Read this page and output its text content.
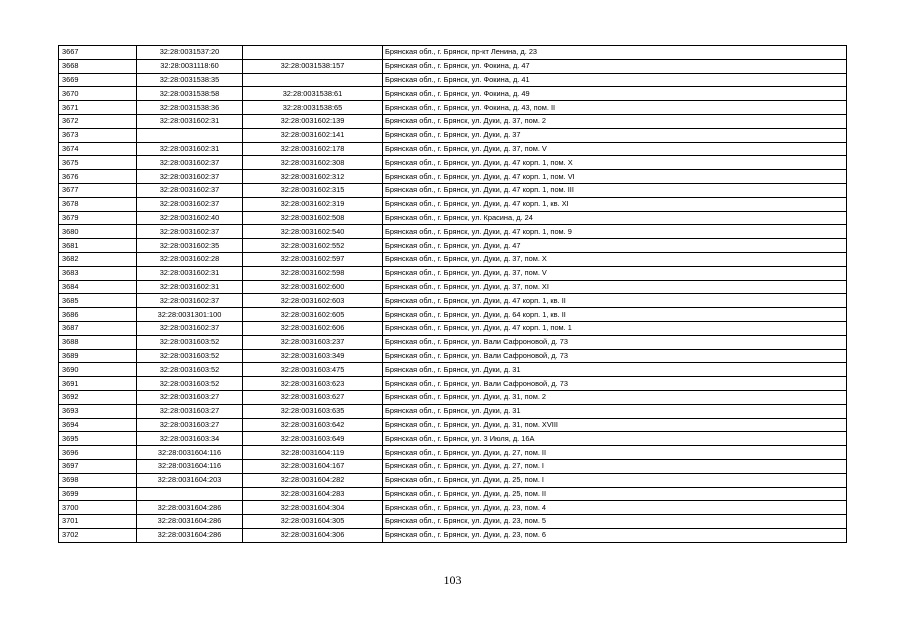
3667	32:28:0031537:20		Брянская обл., г. Брянск, пр-кт Ленина, д. 23
3668	32:28:0031118:60	32:28:0031538:157	Брянская обл., г. Брянск, ул. Фокина, д. 47
3669	32:28:0031538:35		Брянская обл., г. Брянск, ул. Фокина, д. 41
3670	32:28:0031538:58	32:28:0031538:61	Брянская обл., г. Брянск, ул. Фокина, д. 49
3671	32:28:0031538:36	32:28:0031538:65	Брянская обл., г. Брянск, ул. Фокина, д. 43, пом. II
3672	32:28:0031602:31	32:28:0031602:139	Брянская обл., г. Брянск, ул. Дуки, д. 37, пом. 2
3673		32:28:0031602:141	Брянская обл., г. Брянск, ул. Дуки, д. 37
3674	32:28:0031602:31	32:28:0031602:178	Брянская обл., г. Брянск, ул. Дуки, д. 37, пом. V
3675	32:28:0031602:37	32:28:0031602:308	Брянская обл., г. Брянск, ул. Дуки, д. 47 корп. 1, пом. X
3676	32:28:0031602:37	32:28:0031602:312	Брянская обл., г. Брянск, ул. Дуки, д. 47 корп. 1, пом. VI
3677	32:28:0031602:37	32:28:0031602:315	Брянская обл., г. Брянск, ул. Дуки, д. 47 корп. 1, пом. III
3678	32:28:0031602:37	32:28:0031602:319	Брянская обл., г. Брянск, ул. Дуки, д. 47 корп. 1, кв. XI
3679	32:28:0031602:40	32:28:0031602:508	Брянская обл., г. Брянск, ул. Красина, д. 24
3680	32:28:0031602:37	32:28:0031602:540	Брянская обл., г. Брянск, ул. Дуки, д. 47 корп. 1, пом. 9
3681	32:28:0031602:35	32:28:0031602:552	Брянская обл., г. Брянск, ул. Дуки, д. 47
3682	32:28:0031602:28	32:28:0031602:597	Брянская обл., г. Брянск, ул. Дуки, д. 37, пом. X
3683	32:28:0031602:31	32:28:0031602:598	Брянская обл., г. Брянск, ул. Дуки, д. 37, пом. V
3684	32:28:0031602:31	32:28:0031602:600	Брянская обл., г. Брянск, ул. Дуки, д. 37, пом. XI
3685	32:28:0031602:37	32:28:0031602:603	Брянская обл., г. Брянск, ул. Дуки, д. 47 корп. 1, кв. II
3686	32:28:0031301:100	32:28:0031602:605	Брянская обл., г. Брянск, ул. Дуки, д. 64 корп. 1, кв. II
3687	32:28:0031602:37	32:28:0031602:606	Брянская обл., г. Брянск, ул. Дуки, д. 47 корп. 1, пом. 1
3688	32:28:0031603:52	32:28:0031603:237	Брянская обл., г. Брянск, ул. Вали Сафроновой, д. 73
3689	32:28:0031603:52	32:28:0031603:349	Брянская обл., г. Брянск, ул. Вали Сафроновой, д. 73
3690	32:28:0031603:52	32:28:0031603:475	Брянская обл., г. Брянск, ул. Дуки, д. 31
3691	32:28:0031603:52	32:28:0031603:623	Брянская обл., г. Брянск, ул. Вали Сафроновой, д. 73
3692	32:28:0031603:27	32:28:0031603:627	Брянская обл., г. Брянск, ул. Дуки, д. 31, пом. 2
3693	32:28:0031603:27	32:28:0031603:635	Брянская обл., г. Брянск, ул. Дуки, д. 31
3694	32:28:0031603:27	32:28:0031603:642	Брянская обл., г. Брянск, ул. Дуки, д. 31, пом. XVIII
3695	32:28:0031603:34	32:28:0031603:649	Брянская обл., г. Брянск, ул. 3 Июля, д. 16А
3696	32:28:0031604:116	32:28:0031604:119	Брянская обл., г. Брянск, ул. Дуки, д. 27, пом. II
3697	32:28:0031604:116	32:28:0031604:167	Брянская обл., г. Брянск, ул. Дуки, д. 27, пом. I
3698	32:28:0031604:203	32:28:0031604:282	Брянская обл., г. Брянск, ул. Дуки, д. 25, пом. I
3699		32:28:0031604:283	Брянская обл., г. Брянск, ул. Дуки, д. 25, пом. II
3700	32:28:0031604:286	32:28:0031604:304	Брянская обл., г. Брянск, ул. Дуки, д. 23, пом. 4
3701	32:28:0031604:286	32:28:0031604:305	Брянская обл., г. Брянск, ул. Дуки, д. 23, пом. 5
3702	32:28:0031604:286	32:28:0031604:306	Брянская обл., г. Брянск, ул. Дуки, д. 23, пом. 6
103
